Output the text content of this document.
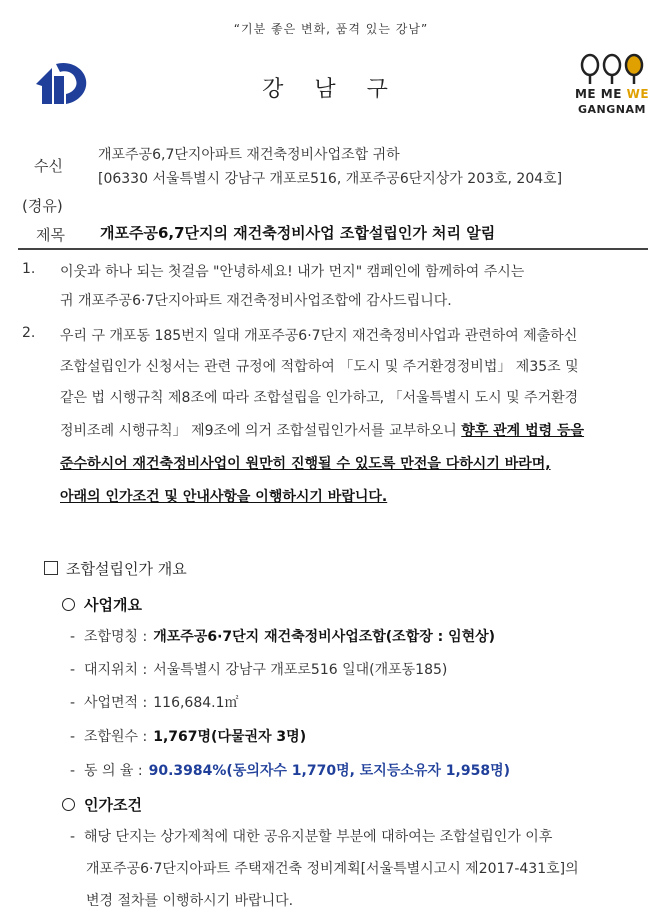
“기분 좋은 변화, 품격 있는 강남”
강 남 구	ME ME WE
GANGNAM
수신
개포주공6,7단지아파트 재건축정비사업조합 귀하
[06330 서울특별시 강남구 개포로516, 개포주공6단지상가 203호, 204호]
(경유)
제목 개포주공6,7단지의 재건축정비사업 조합설립인가 처리 알림
1. 이웃과 하나 되는 첫걸음 "안녕하세요! 내가 먼지" 캠페인에 함께하여 주시는
귀 개포주공6·7단지아파트 재건축정비사업조합에 감사드립니다.
2. 우리 구 개포동 185번지 일대 개포주공6·7단지 재건축정비사업과 관련하여 제출하신
조합설립인가 신청서는 관련 규정에 적합하여 「도시 및 주거환경정비법」 제35조 및
같은 법 시행규칙 제8조에 따라 조합설립을 인가하고, 「서울특별시 도시 및 주거환경
정비조례 시행규칙」 제9조에 의거 조합설립인가서를 교부하오니 향후 관계 법령 등을
준수하시어 재건축정비사업이 원만히 진행될 수 있도록 만전을 다하시기 바라며,
아래의 인가조건 및 안내사항을 이행하시기 바랍니다.
조합설립인가 개요
사업개요
- 조합명칭 : 개포주공6·7단지 재건축정비사업조합(조합장 : 임현상)
- 대지위치 : 서울특별시 강남구 개포로516 일대(개포동185)
- 사업면적 : 116,684.1㎡
- 조합원수 : 1,767명(다물권자 3명)
- 동 의 율 : 90.3984%(동의자수 1,770명, 토지등소유자 1,958명)
인가조건
- 해당 단지는 상가제척에 대한 공유지분할 부분에 대하여는 조합설립인가 이후
개포주공6·7단지아파트 주택재건축 정비계획[서울특별시고시 제2017-431호]의
변경 절차를 이행하시기 바랍니다.
